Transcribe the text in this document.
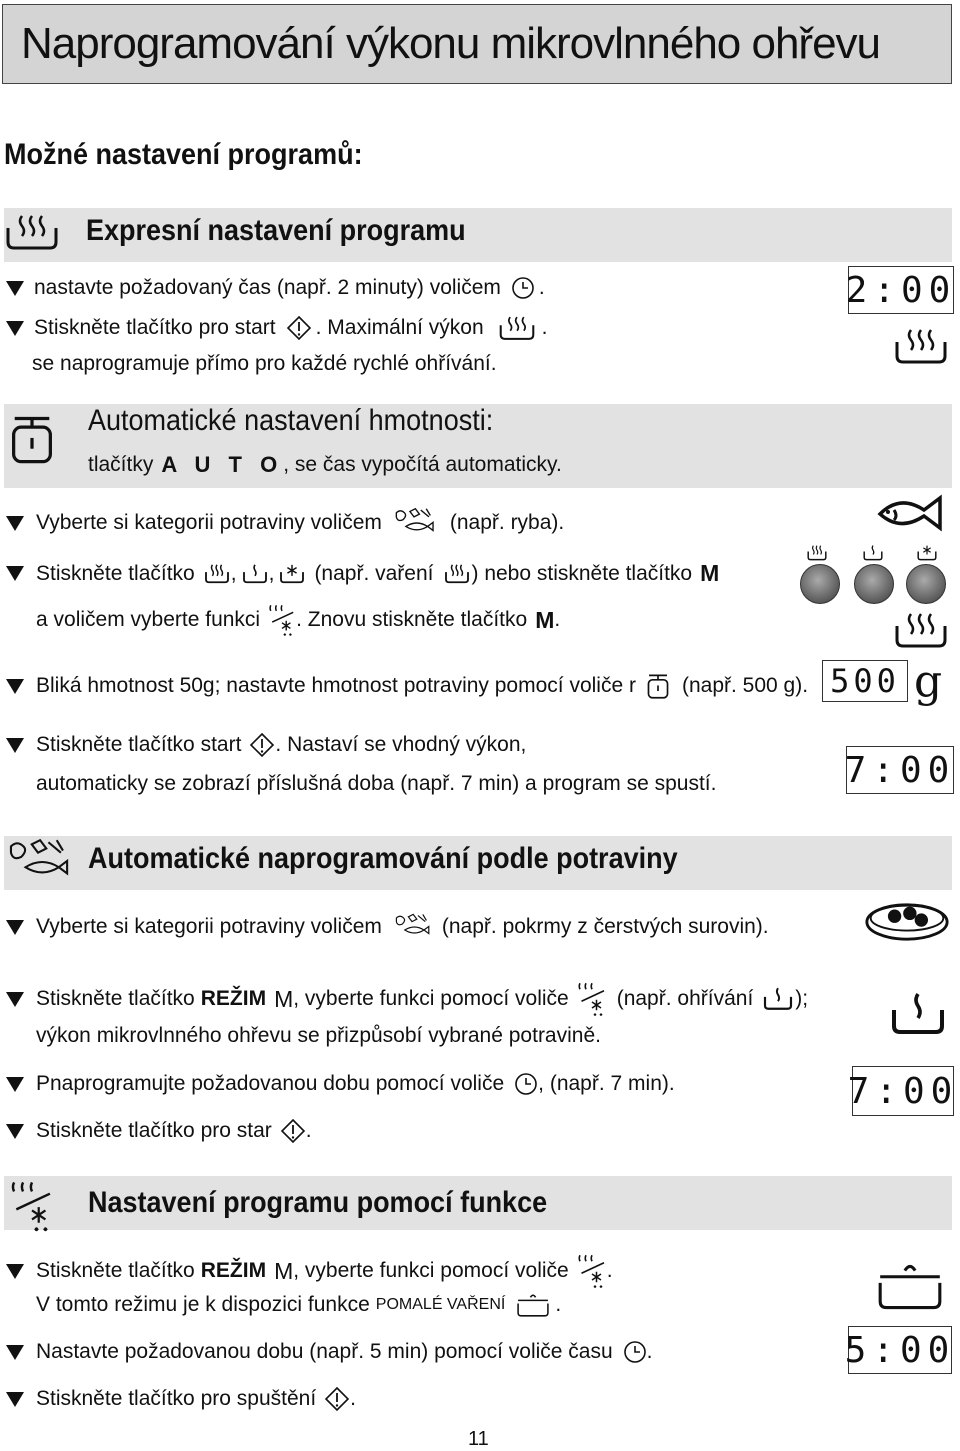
Naprogramování výkonu mikrovlnného ohřevu
Možné nastavení programů:
Expresní nastavení programu
nastavte požadovaný čas (např. 2 minuty) voličem .
Stiskněte tlačítko pro start . Maximální výkon	.
se naprogramuje přímo pro každé rychlé ohřívání.
2:00
Automatické nastavení hmotnosti:
tlačítky A U T O , se čas vypočítá automaticky.
Vyberte si kategorii potraviny voličem	(např. ryba).
Stiskněte tlačítko , , (např. vaření ) nebo stiskněte tlačítko M
a voličem vyberte funkci . Znovu stiskněte tlačítko M .
Bliká hmotnost 50g; nastavte hmotnost potraviny pomocí voliče r (např. 500 g). 500 g
Stiskněte tlačítko start . Nastaví se vhodný výkon,
automaticky se zobrazí příslušná doba (např. 7 min) a program se spustí.	7:00
Automatické naprogramování podle potraviny
Vyberte si kategorii potraviny voličem	(např. pokrmy z čerstvých surovin).
Stiskněte tlačítko REŽIM M , vyberte funkci pomocí voliče (např. ohřívání );
výkon mikrovlnného ohřevu se přizpůsobí vybrané potravině.
Pnaprogramujte požadovanou dobu pomocí voliče , (např. 7 min).	7:00
Stiskněte tlačítko pro star .
Nastavení programu pomocí funkce
Stiskněte tlačítko REŽIM M , vyberte funkci pomocí voliče .
V tomto režimu je k dispozici funkce POMALÉ VAŘENÍ .
Nastavte požadovanou dobu (např. 5 min) pomocí voliče času .	5:00
Stiskněte tlačítko pro spuštění .
11
